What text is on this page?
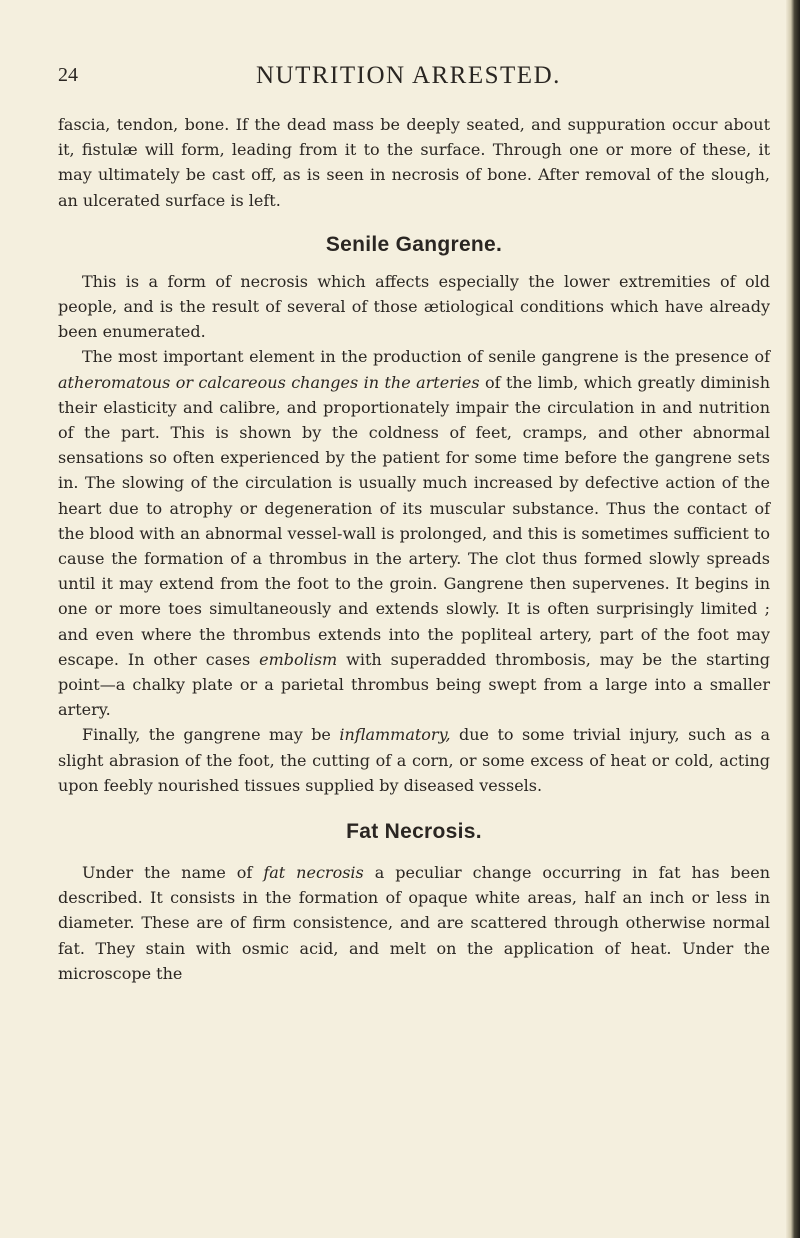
24	NUTRITION ARRESTED.

fascia, tendon, bone. If the dead mass be deeply seated, and suppuration occur about it, fistulæ will form, leading from it to the surface. Through one or more of these, it may ultimately be cast off, as is seen in necrosis of bone. After removal of the slough, an ulcerated surface is left.

Senile Gangrene.

This is a form of necrosis which affects especially the lower extremities of old people, and is the result of several of those ætiological conditions which have already been enumerated.

The most important element in the production of senile gangrene is the presence of atheromatous or calcareous changes in the arteries of the limb, which greatly diminish their elasticity and calibre, and proportionately impair the circulation in and nutrition of the part. This is shown by the coldness of feet, cramps, and other abnormal sensations so often experienced by the patient for some time before the gangrene sets in. The slowing of the circulation is usually much increased by defective action of the heart due to atrophy or degeneration of its muscular substance. Thus the contact of the blood with an abnormal vessel-wall is prolonged, and this is sometimes sufficient to cause the formation of a thrombus in the artery. The clot thus formed slowly spreads until it may extend from the foot to the groin. Gangrene then supervenes. It begins in one or more toes simultaneously and extends slowly. It is often surprisingly limited ; and even where the thrombus extends into the popliteal artery, part of the foot may escape. In other cases embolism with superadded thrombosis, may be the starting point—a chalky plate or a parietal thrombus being swept from a large into a smaller artery.

Finally, the gangrene may be inflammatory, due to some trivial injury, such as a slight abrasion of the foot, the cutting of a corn, or some excess of heat or cold, acting upon feebly nourished tissues supplied by diseased vessels.

Fat Necrosis.

Under the name of fat necrosis a peculiar change occurring in fat has been described. It consists in the formation of opaque white areas, half an inch or less in diameter. These are of firm consistence, and are scattered through otherwise normal fat. They stain with osmic acid, and melt on the application of heat. Under the microscope the
